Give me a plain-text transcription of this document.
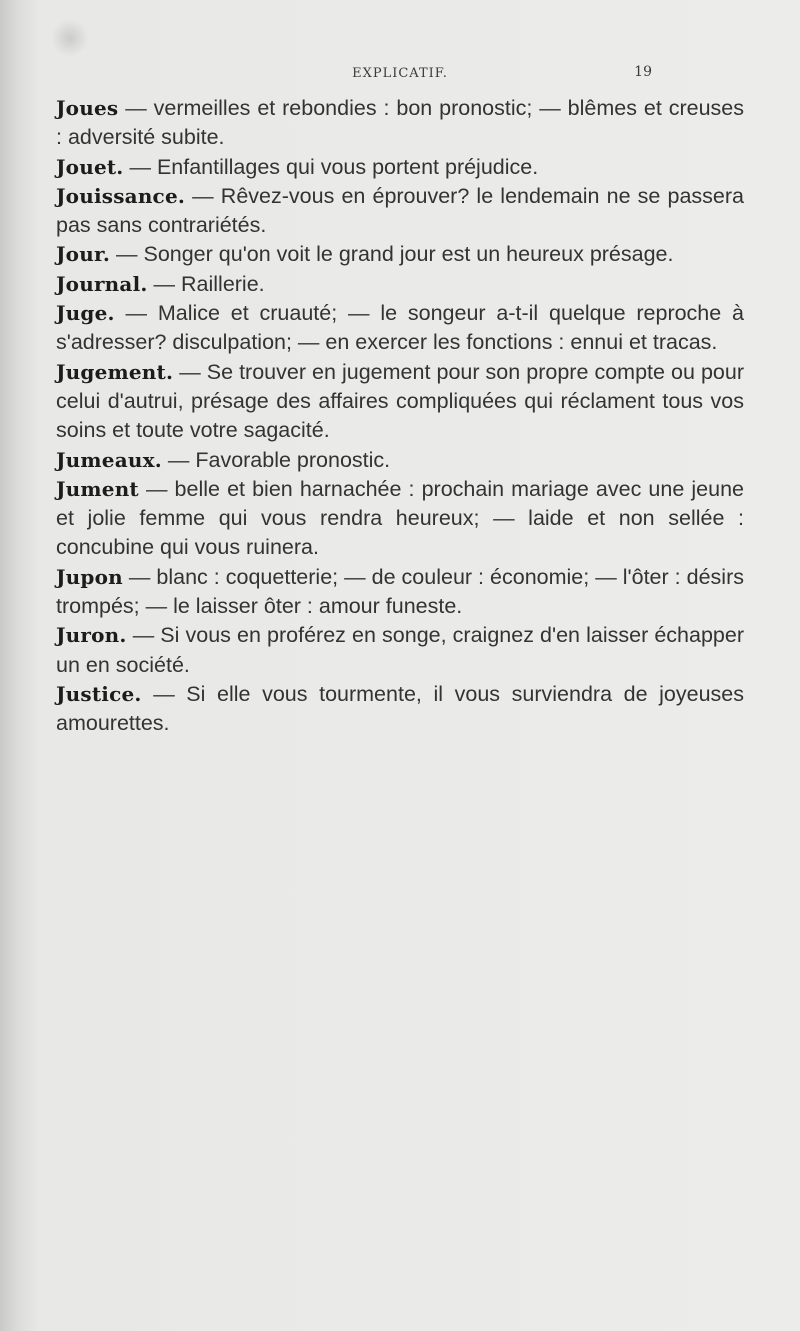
EXPLICATIF.	19

Joues — vermeilles et rebondies : bon pronostic; — blêmes et creuses : adversité subite.

Jouet. — Enfantillages qui vous portent préjudice.

Jouissance. — Rêvez-vous en éprouver? le lendemain ne se passera pas sans contrariétés.

Jour. — Songer qu'on voit le grand jour est un heureux présage.

Journal. — Raillerie.

Juge. — Malice et cruauté; — le songeur a-t-il quelque reproche à s'adresser? disculpation; — en exercer les fonctions : ennui et tracas.

Jugement. — Se trouver en jugement pour son propre compte ou pour celui d'autrui, présage des affaires compliquées qui réclament tous vos soins et toute votre sagacité.

Jumeaux. — Favorable pronostic.

Jument — belle et bien harnachée : prochain mariage avec une jeune et jolie femme qui vous rendra heureux; — laide et non sellée : concubine qui vous ruinera.

Jupon — blanc : coquetterie; — de couleur : économie; — l'ôter : désirs trompés; — le laisser ôter : amour funeste.

Juron. — Si vous en proférez en songe, craignez d'en laisser échapper un en société.

Justice. — Si elle vous tourmente, il vous surviendra de joyeuses amourettes.
